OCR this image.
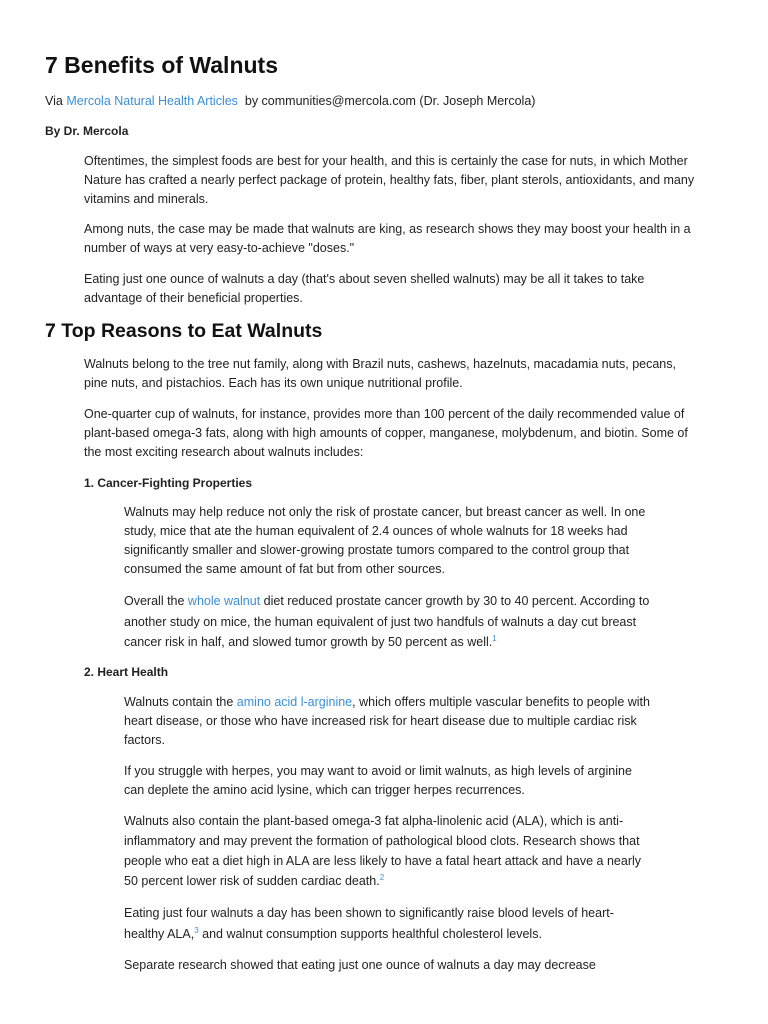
7 Benefits of Walnuts

Via Mercola Natural Health Articles  by communities@mercola.com (Dr. Joseph Mercola)

By Dr. Mercola

Oftentimes, the simplest foods are best for your health, and this is certainly the case for nuts, in which Mother Nature has crafted a nearly perfect package of protein, healthy fats, fiber, plant sterols, antioxidants, and many vitamins and minerals.

Among nuts, the case may be made that walnuts are king, as research shows they may boost your health in a number of ways at very easy-to-achieve "doses."

Eating just one ounce of walnuts a day (that's about seven shelled walnuts) may be all it takes to take advantage of their beneficial properties.

7 Top Reasons to Eat Walnuts

Walnuts belong to the tree nut family, along with Brazil nuts, cashews, hazelnuts, macadamia nuts, pecans, pine nuts, and pistachios. Each has its own unique nutritional profile.

One-quarter cup of walnuts, for instance, provides more than 100 percent of the daily recommended value of plant-based omega-3 fats, along with high amounts of copper, manganese, molybdenum, and biotin. Some of the most exciting research about walnuts includes:

1. Cancer-Fighting Properties

Walnuts may help reduce not only the risk of prostate cancer, but breast cancer as well. In one study, mice that ate the human equivalent of 2.4 ounces of whole walnuts for 18 weeks had significantly smaller and slower-growing prostate tumors compared to the control group that consumed the same amount of fat but from other sources.

Overall the whole walnut diet reduced prostate cancer growth by 30 to 40 percent. According to another study on mice, the human equivalent of just two handfuls of walnuts a day cut breast cancer risk in half, and slowed tumor growth by 50 percent as well.$^1$

2. Heart Health

Walnuts contain the amino acid l-arginine, which offers multiple vascular benefits to people with heart disease, or those who have increased risk for heart disease due to multiple cardiac risk factors.

If you struggle with herpes, you may want to avoid or limit walnuts, as high levels of arginine can deplete the amino acid lysine, which can trigger herpes recurrences.

Walnuts also contain the plant-based omega-3 fat alpha-linolenic acid (ALA), which is anti-inflammatory and may prevent the formation of pathological blood clots. Research shows that people who eat a diet high in ALA are less likely to have a fatal heart attack and have a nearly 50 percent lower risk of sudden cardiac death.$^2$

Eating just four walnuts a day has been shown to significantly raise blood levels of heart-healthy ALA,$^3$ and walnut consumption supports healthful cholesterol levels.

Separate research showed that eating just one ounce of walnuts a day may decrease
